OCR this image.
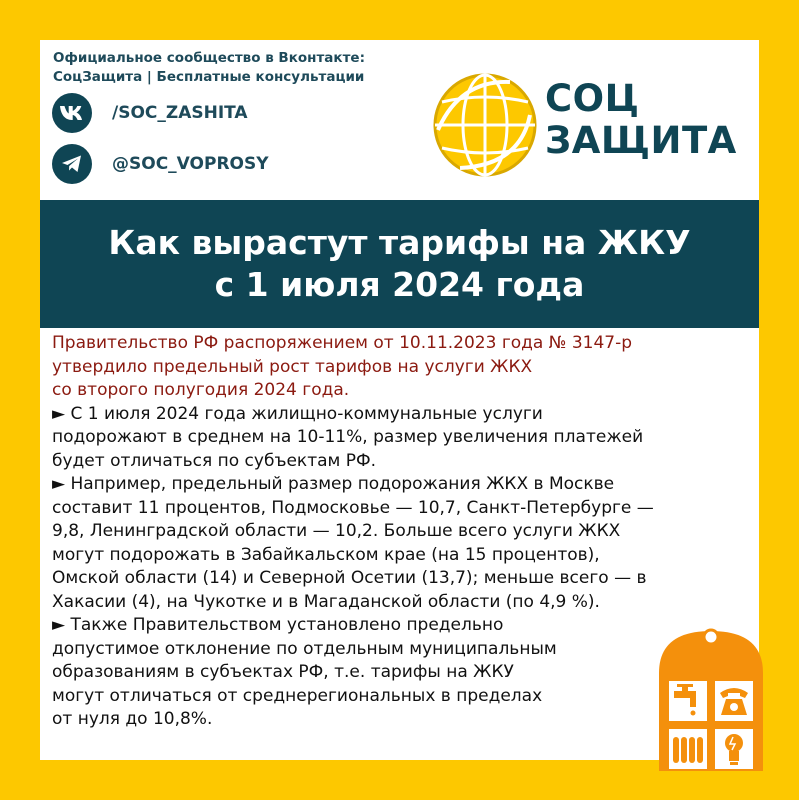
Официальное сообщество в Вконтакте:
СоцЗащита | Бесплатные консультации
/SOC_ZASHITA
@SOC_VOPROSY
СОЦ
ЗАЩИТА
Как вырастут тарифы на ЖКУ
с 1 июля 2024 года
Правительство РФ распоряжением от 10.11.2023 года № 3147-р
утвердило предельный рост тарифов на услуги ЖКХ
со второго полугодия 2024 года.
► С 1 июля 2024 года жилищно-коммунальные услуги
подорожают в среднем на 10-11%, размер увеличения платежей
будет отличаться по субъектам РФ.
► Например, предельный размер подорожания ЖКХ в Москве
составит 11 процентов, Подмосковье — 10,7, Санкт-Петербурге —
9,8, Ленинградской области — 10,2. Больше всего услуги ЖКХ
могут подорожать в Забайкальском крае (на 15 процентов),
Омской области (14) и Северной Осетии (13,7); меньше всего — в
Хакасии (4), на Чукотке и в Магаданской области (по 4,9 %).
► Также Правительством установлено предельно
допустимое отклонение по отдельным муниципальным
образованиям в субъектах РФ, т.е. тарифы на ЖКУ
могут отличаться от среднерегиональных в пределах
от нуля до 10,8%.
